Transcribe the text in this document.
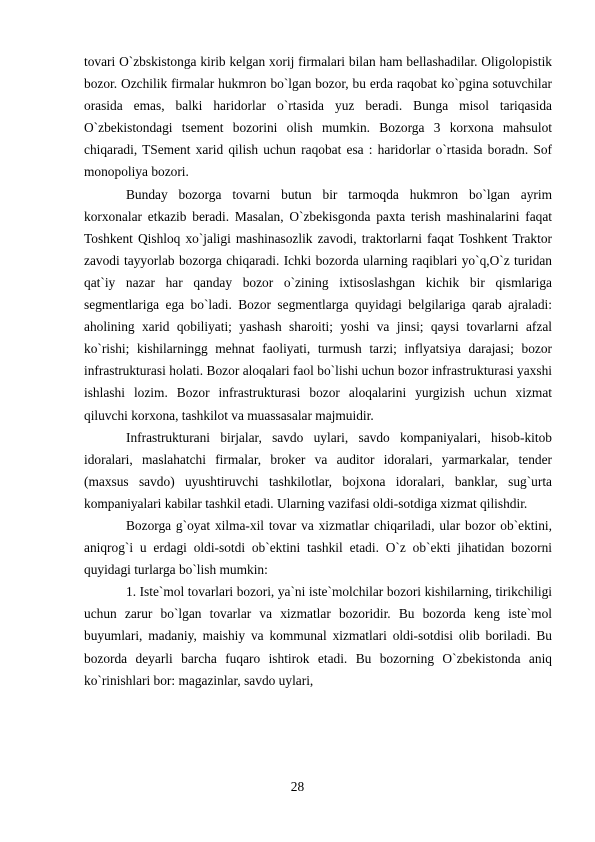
tovari O`zbskistonga kirib kelgan xorij firmalari bilan ham bellashadilar. Oligolopistik bozor. Ozchilik firmalar hukmron bo`lgan bozor, bu erda raqobat ko`pgina sotuvchilar orasida emas, balki haridorlar o`rtasida yuz beradi. Bunga misol tariqasida O`zbekistondagi tsement bozorini olish mumkin. Bozorga 3 korxona mahsulot chiqaradi, TSement xarid qilish uchun raqobat esa : haridorlar o`rtasida boradn. Sof monopoliya bozori.

Bunday bozorga tovarni butun bir tarmoqda hukmron bo`lgan ayrim korxonalar etkazib beradi. Masalan, O`zbekisgonda paxta terish mashinalarini faqat Toshkent Qishloq xo`jaligi mashinasozlik zavodi, traktorlarni faqat Toshkent Traktor zavodi tayyorlab bozorga chiqaradi. Ichki bozorda ularning raqiblari yo`q,O`z turidan qat`iy nazar har qanday bozor o`zining ixtisoslashgan kichik bir qismlariga segmentlariga ega bo`ladi. Bozor segmentlarga quyidagi belgilariga qarab ajraladi: aholining xarid qobiliyati; yashash sharoiti; yoshi va jinsi; qaysi tovarlarni afzal ko`rishi; kishilarningg mehnat faoliyati, turmush tarzi; inflyatsiya darajasi; bozor infrastrukturasi holati. Bozor aloqalari faol bo`lishi uchun bozor infrastrukturasi yaxshi ishlashi lozim. Bozor infrastrukturasi bozor aloqalarini yurgizish uchun xizmat qiluvchi korxona, tashkilot va muassasalar majmuidir.

Infrastrukturani birjalar, savdo uylari, savdo kompaniyalari, hisob-kitob idoralari, maslahatchi firmalar, broker va auditor idoralari, yarmarkalar, tender (maxsus savdo) uyushtiruvchi tashkilotlar, bojxona idoralari, banklar, sug`urta kompaniyalari kabilar tashkil etadi. Ularning vazifasi oldi-sotdiga xizmat qilishdir.

Bozorga g`oyat xilma-xil tovar va xizmatlar chiqariladi, ular bozor ob`ektini, aniqrog`i u erdagi oldi-sotdi ob`ektini tashkil etadi. O`z ob`ekti jihatidan bozorni quyidagi turlarga bo`lish mumkin:

1. Iste`mol tovarlari bozori, ya`ni iste`molchilar bozori kishilarning, tirikchiligi uchun zarur bo`lgan tovarlar va xizmatlar bozoridir. Bu bozorda keng iste`mol buyumlari, madaniy, maishiy va kommunal xizmatlari oldi-sotdisi olib boriladi. Bu bozorda deyarli barcha fuqaro ishtirok etadi. Bu bozorning O`zbekistonda aniq ko`rinishlari bor: magazinlar, savdo uylari,

28
